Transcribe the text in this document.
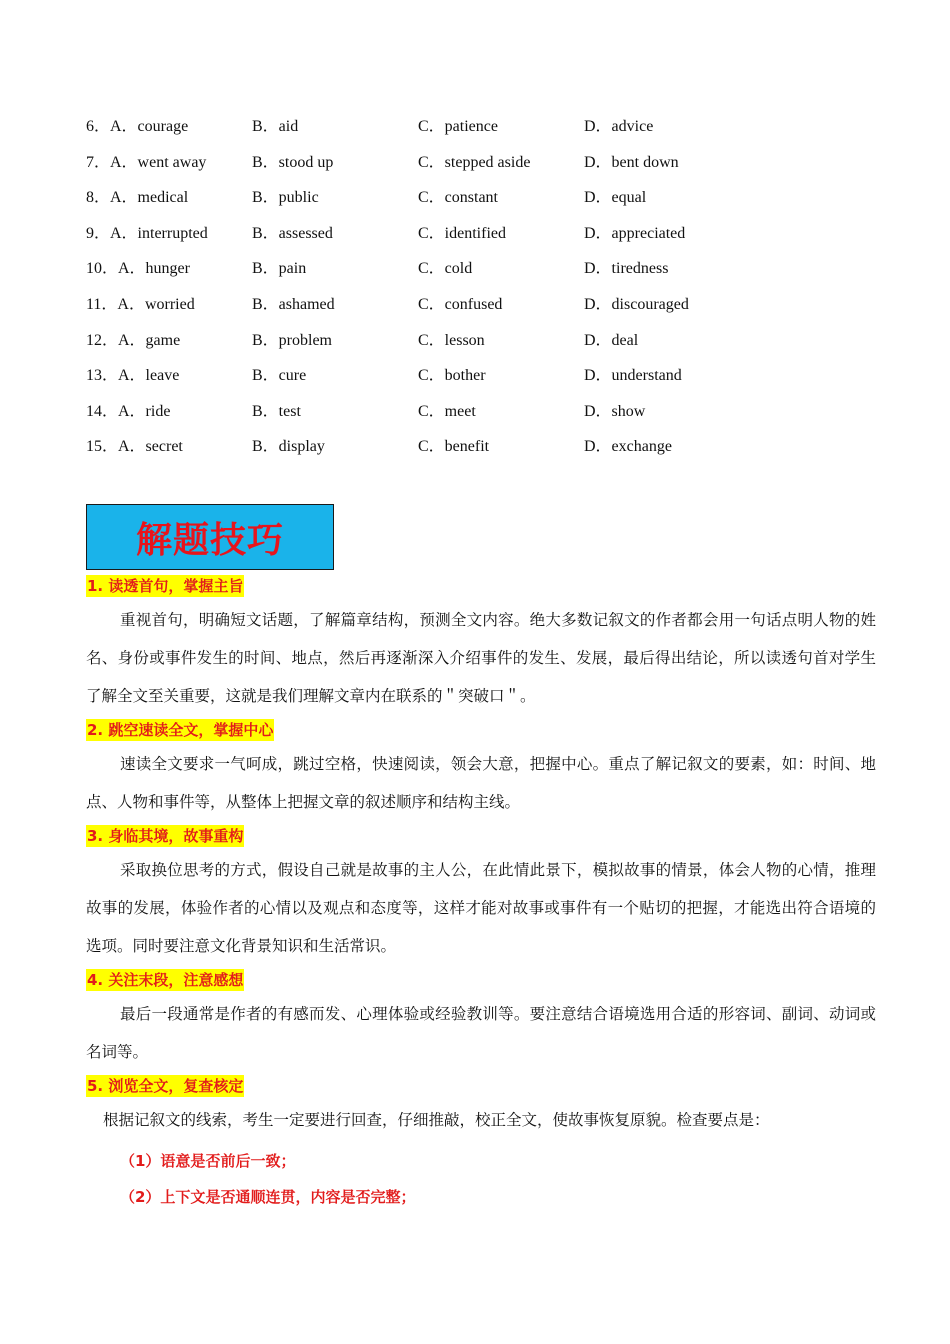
6．A．courage	B．aid	C．patience	D．advice
7．A．went away	B．stood up	C．stepped aside	D．bent down
8．A．medical	B．public	C．constant	D．equal
9．A．interrupted	B．assessed	C．identified	D．appreciated
10．A．hunger	B．pain	C．cold	D．tiredness
11．A．worried	B．ashamed	C．confused	D．discouraged
12．A．game	B．problem	C．lesson	D．deal
13．A．leave	B．cure	C．bother	D．understand
14．A．ride	B．test	C．meet	D．show
15．A．secret	B．display	C．benefit	D．exchange
解题技巧
1. 读透首句，掌握主旨

重视首句，明确短文话题，了解篇章结构，预测全文内容。绝大多数记叙文的作者都会用一句话点明人物的姓名、身份或事件发生的时间、地点，然后再逐渐深入介绍事件的发生、发展，最后得出结论，所以读透句首对学生了解全文至关重要，这就是我们理解文章内在联系的＂突破口＂。

2. 跳空速读全文，掌握中心

速读全文要求一气呵成，跳过空格，快速阅读，领会大意，把握中心。重点了解记叙文的要素，如：时间、地点、人物和事件等，从整体上把握文章的叙述顺序和结构主线。

3. 身临其境，故事重构

采取换位思考的方式，假设自己就是故事的主人公，在此情此景下，模拟故事的情景，体会人物的心情，推理故事的发展，体验作者的心情以及观点和态度等，这样才能对故事或事件有一个贴切的把握，才能选出符合语境的选项。同时要注意文化背景知识和生活常识。

4. 关注末段，注意感想

最后一段通常是作者的有感而发、心理体验或经验教训等。要注意结合语境选用合适的形容词、副词、动词或名词等。

5. 浏览全文，复查核定

根据记叙文的线索，考生一定要进行回查，仔细推敲，校正全文，使故事恢复原貌。检查要点是：

（1）语意是否前后一致；
（2）上下文是否通顺连贯，内容是否完整；
